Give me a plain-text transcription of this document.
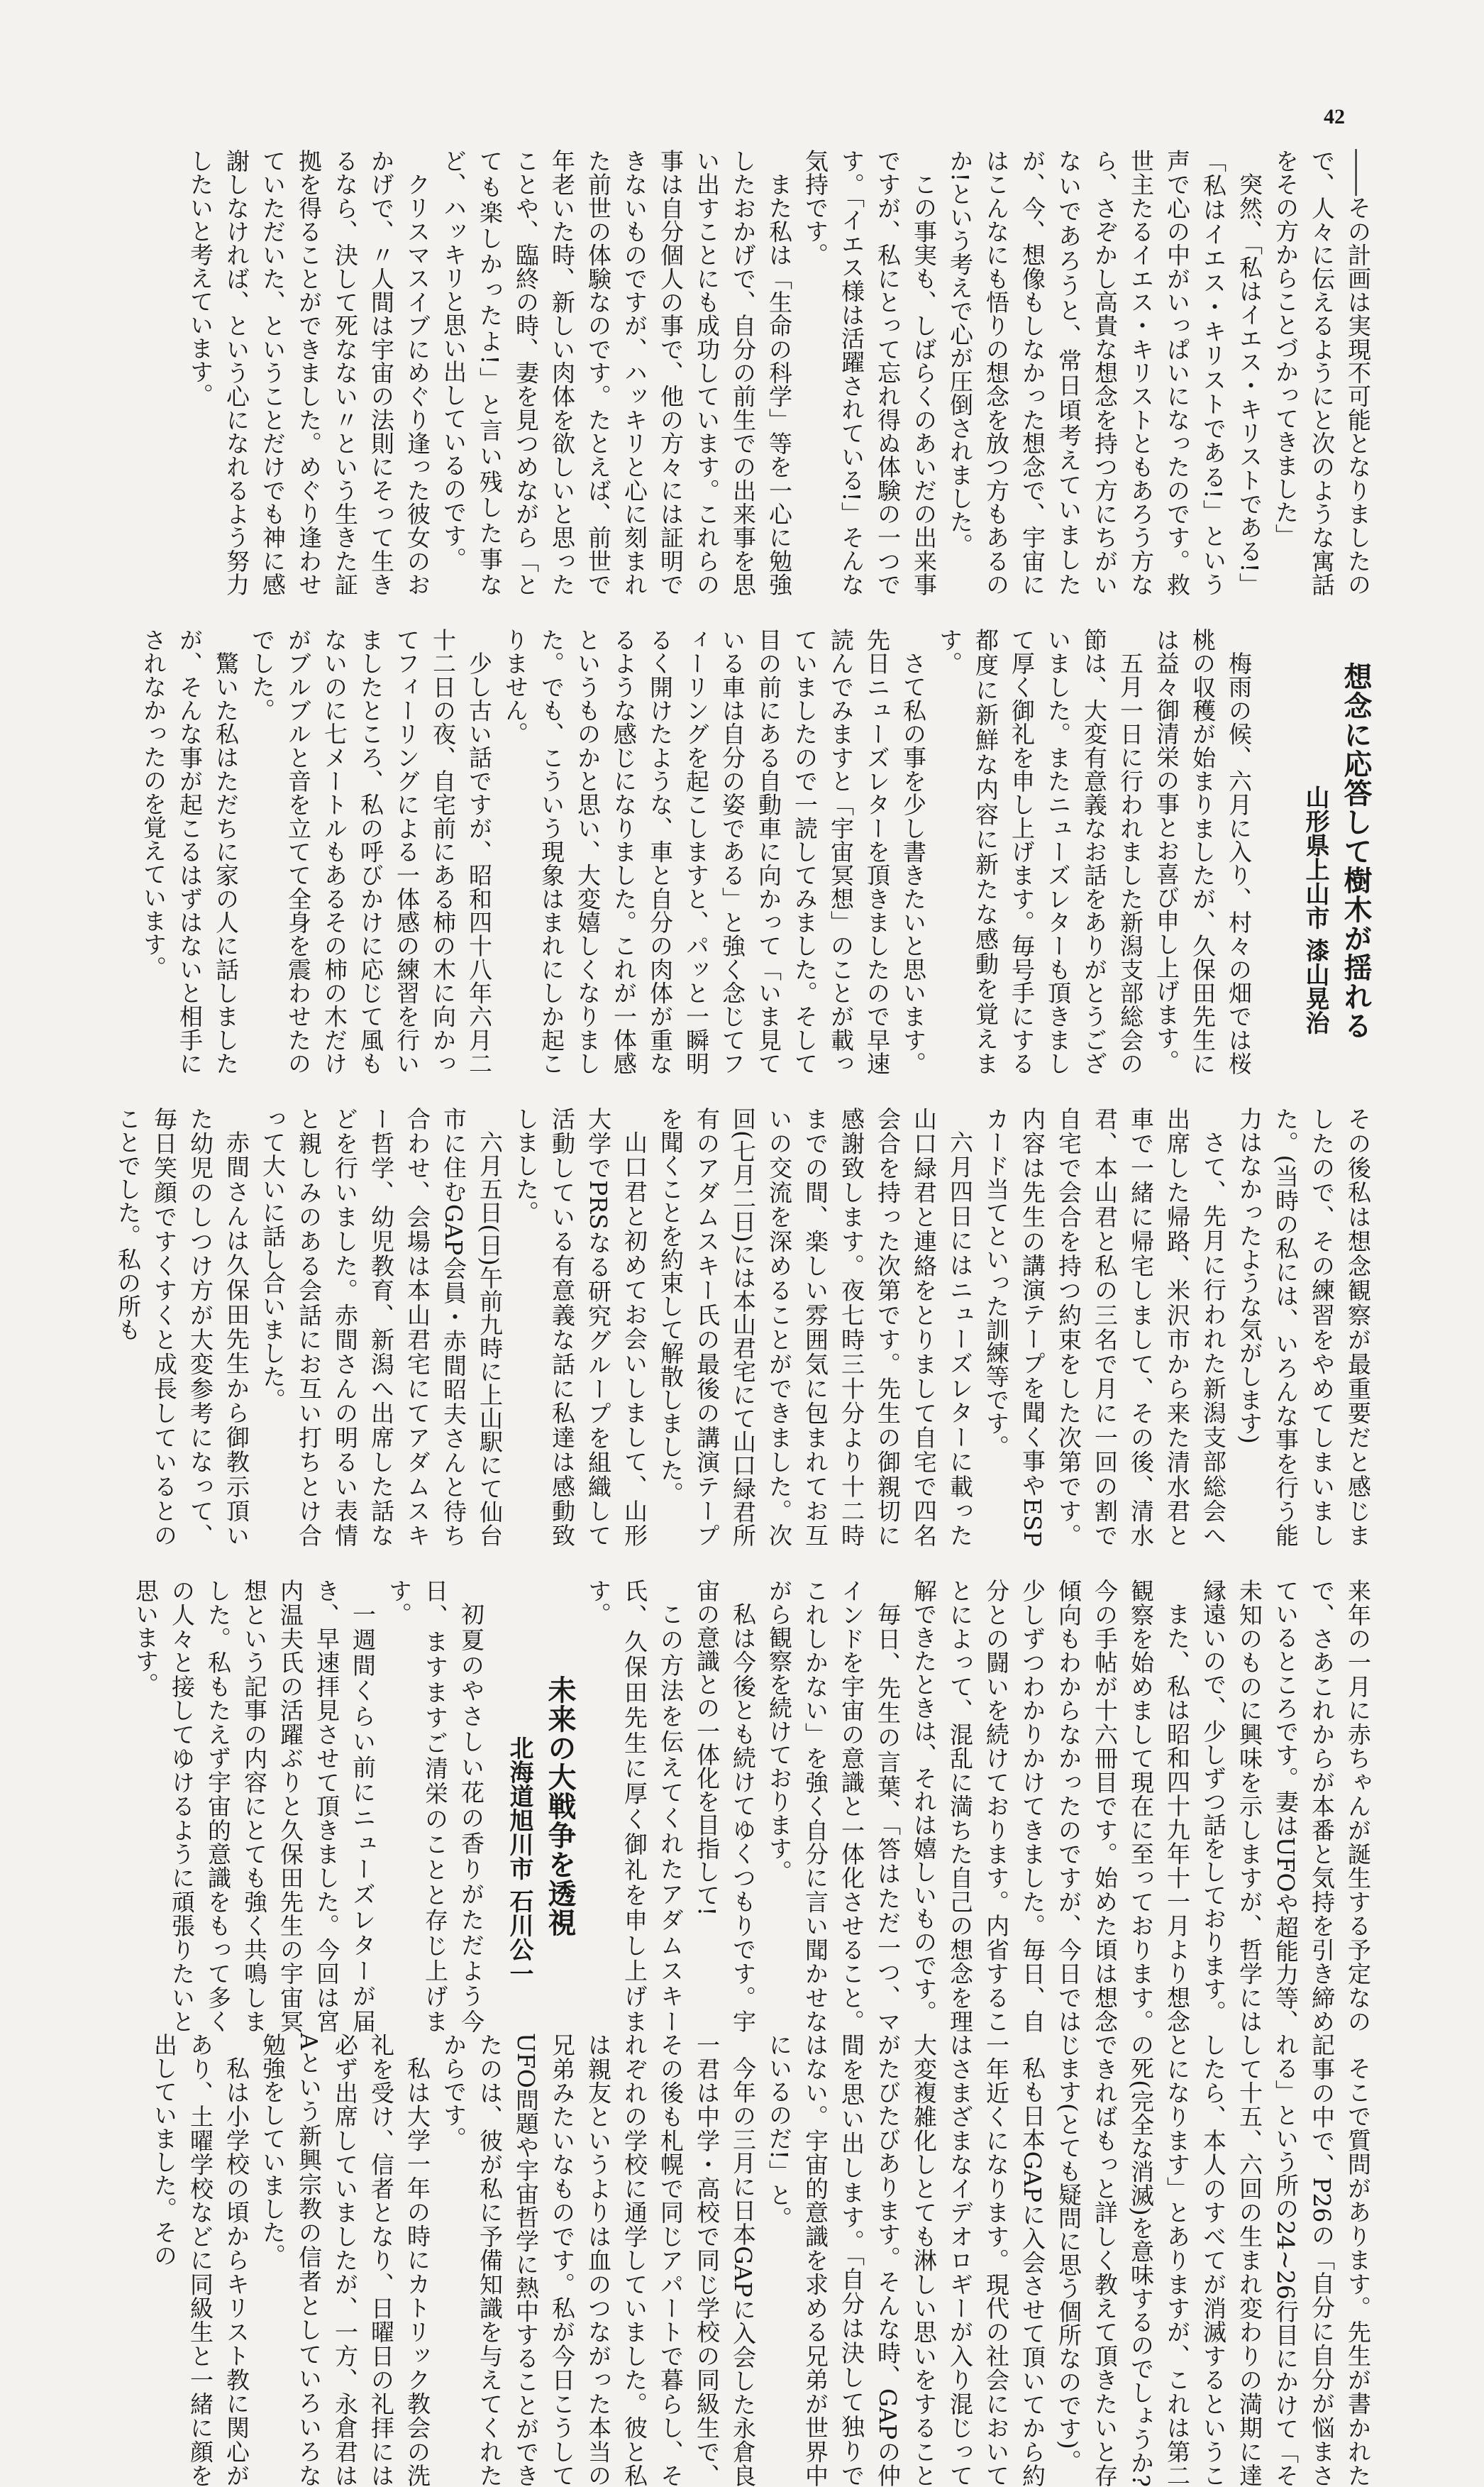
42

――その計画は実現不可能となりましたので、人々に伝えるようにと次のような寓話をその方からことづかってきました」

突然、「私はイエス・キリストである!」「私はイエス・キリストである!」という声で心の中がいっぱいになったのです。救世主たるイエス・キリストともあろう方なら、さぞかし高貴な想念を持つ方にちがいないであろうと、常日頃考えていましたが、今、想像もしなかった想念で、宇宙にはこんなにも悟りの想念を放つ方もあるのか!という考えで心が圧倒されました。

この事実も、しばらくのあいだの出来事ですが、私にとって忘れ得ぬ体験の一つです。「イエス様は活躍されている!」そんな気持です。

また私は「生命の科学」等を一心に勉強したおかげで、自分の前生での出来事を思い出すことにも成功しています。これらの事は自分個人の事で、他の方々には証明できないものですが、ハッキリと心に刻まれた前世の体験なのです。たとえば、前世で年老いた時、新しい肉体を欲しいと思ったことや、臨終の時、妻を見つめながら「とても楽しかったよ!」と言い残した事など、ハッキリと思い出しているのです。

クリスマスイブにめぐり逢った彼女のおかげで、〃人間は宇宙の法則にそって生きるなら、決して死なない〃という生きた証拠を得ることができました。めぐり逢わせていただいた、ということだけでも神に感謝しなければ、という心になれるよう努力したいと考えています。

想念に応答して樹木が揺れる
山形県上山市 漆山晃治

梅雨の候、六月に入り、村々の畑では桜桃の収穫が始まりましたが、久保田先生には益々御清栄の事とお喜び申し上げます。

五月一日に行われました新潟支部総会の節は、大変有意義なお話をありがとうございました。またニューズレターも頂きまして厚く御礼を申し上げます。毎号手にする都度に新鮮な内容に新たな感動を覚えます。

さて私の事を少し書きたいと思います。先日ニューズレターを頂きましたので早速読んでみますと「宇宙冥想」のことが載っていましたので一読してみました。そして目の前にある自動車に向かって「いま見ている車は自分の姿である」と強く念じてフィーリングを起こしますと、パッと一瞬明るく開けたような、車と自分の肉体が重なるような感じになりました。これが一体感というものかと思い、大変嬉しくなりました。でも、こういう現象はまれにしか起こりません。

少し古い話ですが、昭和四十八年六月二十二日の夜、自宅前にある柿の木に向かってフィーリングによる一体感の練習を行いましたところ、私の呼びかけに応じて風もないのに七メートルもあるその柿の木だけがブルブルと音を立てて全身を震わせたのでした。

驚いた私はただちに家の人に話しましたが、そんな事が起こるはずはないと相手にされなかったのを覚えています。

その後私は想念観察が最重要だと感じましたので、その練習をやめてしまいました。(当時の私には、いろんな事を行う能力はなかったような気がします)

さて、先月に行われた新潟支部総会へ出席した帰路、米沢市から来た清水君と車で一緒に帰宅しまして、その後、清水君、本山君と私の三名で月に一回の割で自宅で会合を持つ約束をした次第です。内容は先生の講演テープを聞く事やESPカード当てといった訓練等です。

六月四日にはニューズレターに載った山口緑君と連絡をとりまして自宅で四名会合を持った次第です。先生の御親切に感謝致します。夜七時三十分より十二時までの間、楽しい雰囲気に包まれてお互いの交流を深めることができました。次回(七月二日)には本山君宅にて山口緑君所有のアダムスキー氏の最後の講演テープを聞くことを約束して解散しました。

山口君と初めてお会いしまして、山形大学でPRSなる研究グループを組織して活動している有意義な話に私達は感動致しました。

六月五日(日)午前九時に上山駅にて仙台市に住むGAP会員・赤間昭夫さんと待ち合わせ、会場は本山君宅にてアダムスキー哲学、幼児教育、新潟へ出席した話などを行いました。赤間さんの明るい表情と親しみのある会話にお互い打ちとけ合って大いに話し合いました。

赤間さんは久保田先生から御教示頂いた幼児のしつけ方が大変参考になって、毎日笑顔ですくすくと成長しているとのことでした。私の所も

来年の一月に赤ちゃんが誕生する予定なので、さあこれからが本番と気持を引き締めているところです。妻はUFOや超能力等、未知のものに興味を示しますが、哲学には縁遠いので、少しずつ話をしております。

また、私は昭和四十九年十一月より想念観察を始めまして現在に至っております。今の手帖が十六冊目です。始めた頃は想念傾向もわからなかったのですが、今日では少しずつわかりかけてきました。毎日、自分との闘いを続けております。内省することによって、混乱に満ちた自己の想念を理解できたときは、それは嬉しいものです。

毎日、先生の言葉、「答はただ一つ、マインドを宇宙の意識と一体化させること。これしかない」を強く自分に言い聞かせながら観察を続けております。

私は今後とも続けてゆくつもりです。宇宙の意識との一体化を目指して!

この方法を伝えてくれたアダムスキー氏、久保田先生に厚く御礼を申し上げます。

未来の大戦争を透視
北海道旭川市 石川公一

初夏のやさしい花の香りがただよう今日、ますますご清栄のことと存じ上げます。

一週間くらい前にニューズレターが届き、早速拝見させて頂きました。今回は宮内温夫氏の活躍ぶりと久保田先生の宇宙冥想という記事の内容にとても強く共鳴しました。私もたえず宇宙的意識をもって多くの人々と接してゆけるように頑張りたいと思います。

そこで質問があります。先生が書かれた記事の中で、P26の「自分に自分が悩まされる」という所の24~26行目にかけて「そして十五、六回の生まれ変わりの満期に達したら、本人のすべてが消滅するということになります」とありますが、これは第二の死(完全な消滅)を意味するのでしょうか? できればもっと詳しく教えて頂きたいと存じます(とても疑問に思う個所なのです)。

私も日本GAPに入会させて頂いてから約一年近くになります。現代の社会においてはさまざまなイデオロギーが入り混じって大変複雑化しとても淋しい思いをすることがたびたびあります。そんな時、GAPの仲間を思い出します。「自分は決して独りではない。宇宙的意識を求める兄弟が世界中にいるのだ!」と。

今年の三月に日本GAPに入会した永倉良一君は中学・高校で同じ学校の同級生で、その後も札幌で同じアパートで暮らし、それぞれの学校に通学していました。彼と私は親友というよりは血のつながった本当の兄弟みたいなものです。私が今日こうしてUFO問題や宇宙哲学に熱中することができたのは、彼が私に予備知識を与えてくれたからです。

私は大学一年の時にカトリック教会の洗礼を受け、信者となり、日曜日の礼拝には必ず出席していましたが、一方、永倉君はAという新興宗教の信者としていろいろな勉強をしていました。

私は小学校の頃からキリスト教に関心があり、土曜学校などに同級生と一緒に顔を出していました。その
